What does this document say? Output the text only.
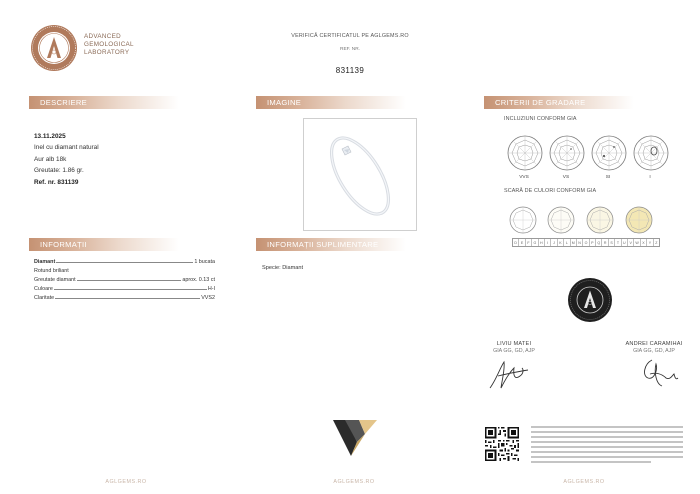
ADVANCED
GEMOLOGICAL
LABORATORY
VERIFICĂ CERTIFICATUL PE AGLGEMS.RO
REF. NR.
831139
DESCRIERE	IMAGINE	CRITERII DE GRADARE
INFORMAȚII	INFORMAȚII SUPLIMENTARE
13.11.2025
Inel cu diamant natural
Aur alb 18k
Greutate: 1.86 gr.
Ref. nr. 831139
INCLUZIUNI CONFORM GIA
VVS	VS	SI	I
SCARĂ DE CULORI CONFORM GIA
D	E	F	G	H	I	J	K	L	M N	O	P	Q	R	S	T	U	V W X	Y	Z
LIVIU MATEI
GIA GG, GD, AJP
ANDREI CARAMIHAI
GIA GG, GD, AJP
Diamant	1 bucata
Rotund briliant
Greutate diamant	aprox. 0.13 ct
Culoare	H-I
Claritate	VVS2
Specie: Diamant
AGLGEMS.RO	AGLGEMS.RO	AGLGEMS.RO
